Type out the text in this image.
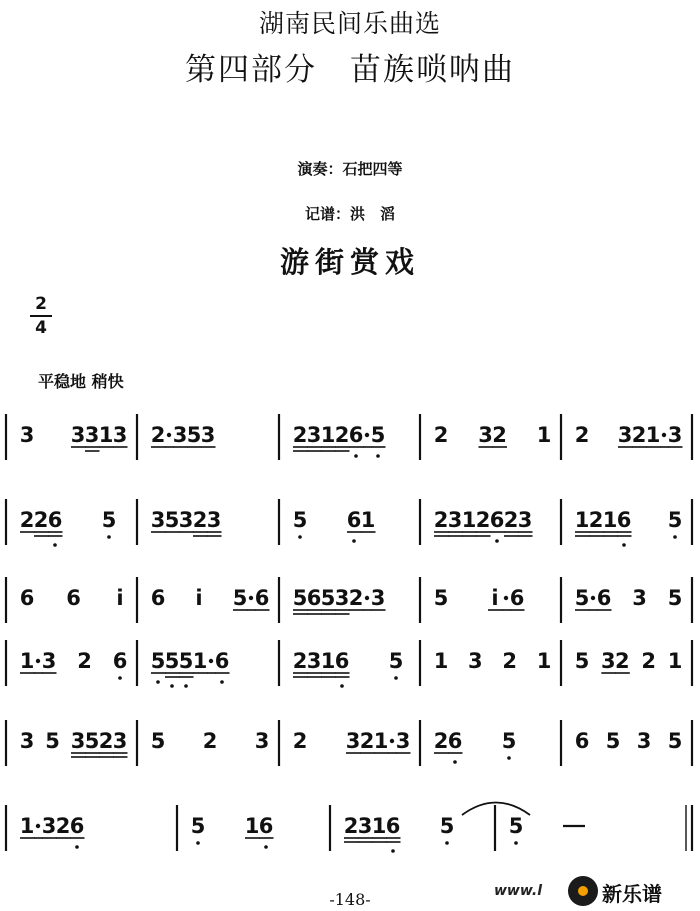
湖南民间乐曲选
第四部分　苗族唢呐曲
演奏：石把四等
记谱：洪　滔
游街赏戏
2
4
平稳地 稍快
3 3 3 1 3 2 3 5 3	2 3 1 2 6 5 2 3 2 1 2 3 2 1 3
2 2 6 5 3 5 3 2 3	5 6 1	2 3 1 2 6 2 3 1 2 1 6 5
6 6 i 6 i 5 6 5 6 5 3 2 3 5 i 6 5 6 3 5
1 3 2 6 5 5 5 1 6	2 3 1 6 5 1 3 2 1 5 3 2 2 1
3 5 3 5 2 3 5 2 3 2 3 2 1 3 2 6 5	6 5 3 5
1 3 2 6	5 1 6	2 3 1 6 5	5
-148-	www.l	新乐谱
